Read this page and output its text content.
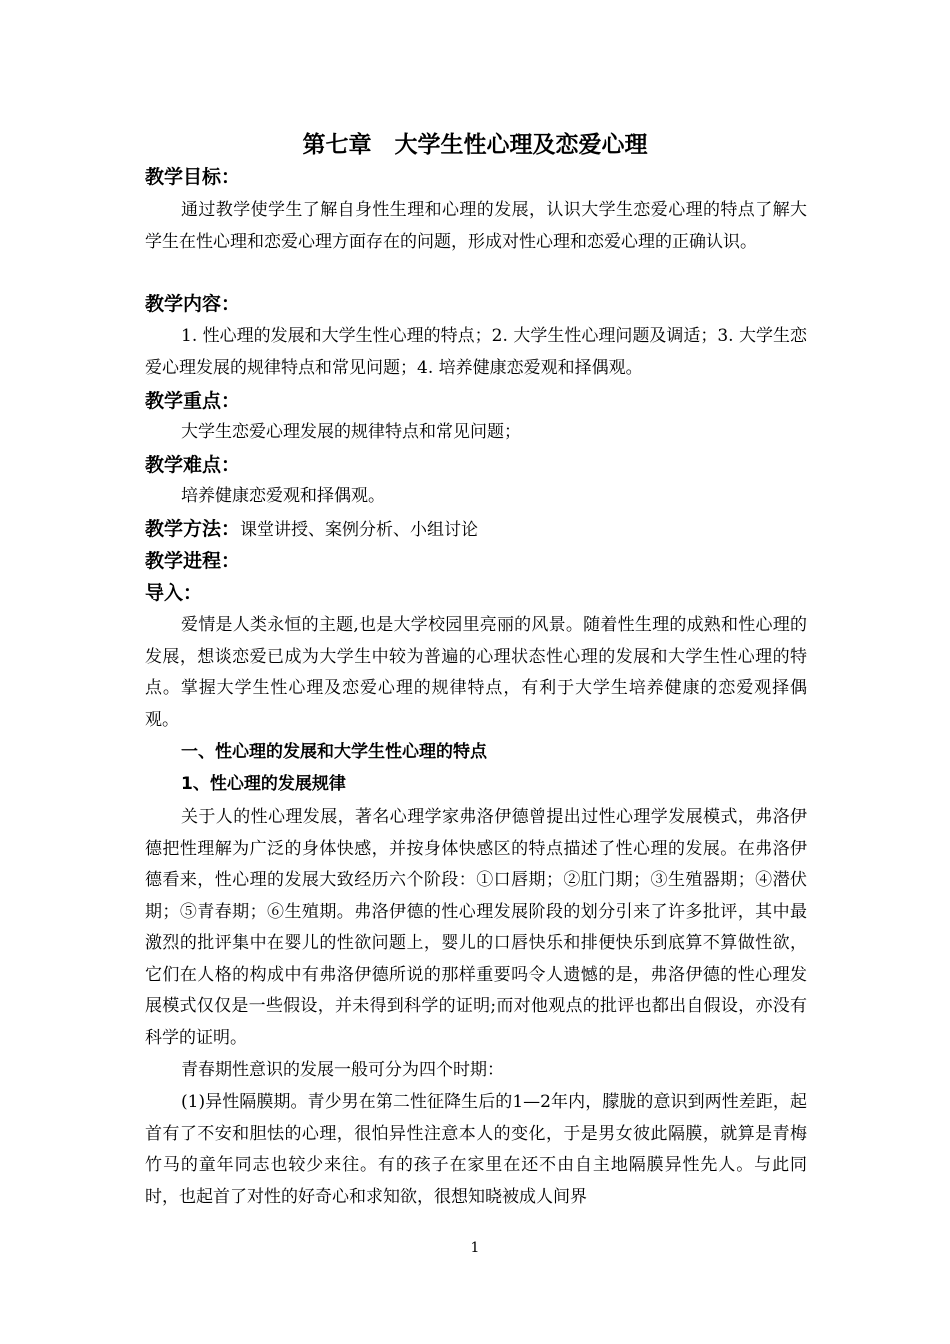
第七章　大学生性心理及恋爱心理
教学目标：
通过教学使学生了解自身性生理和心理的发展，认识大学生恋爱心理的特点了解大学生在性心理和恋爱心理方面存在的问题，形成对性心理和恋爱心理的正确认识。
教学内容：
1. 性心理的发展和大学生性心理的特点；2. 大学生性心理问题及调适；3. 大学生恋爱心理发展的规律特点和常见问题；4. 培养健康恋爱观和择偶观。
教学重点：
大学生恋爱心理发展的规律特点和常见问题；
教学难点：
培养健康恋爱观和择偶观。
教学方法：课堂讲授、案例分析、小组讨论
教学进程：
导入：
爱情是人类永恒的主题,也是大学校园里亮丽的风景。随着性生理的成熟和性心理的发展，想谈恋爱已成为大学生中较为普遍的心理状态性心理的发展和大学生性心理的特点。掌握大学生性心理及恋爱心理的规律特点，有利于大学生培养健康的恋爱观择偶观。
一、性心理的发展和大学生性心理的特点
1、性心理的发展规律
关于人的性心理发展，著名心理学家弗洛伊德曾提出过性心理学发展模式，弗洛伊德把性理解为广泛的身体快感，并按身体快感区的特点描述了性心理的发展。在弗洛伊德看来，性心理的发展大致经历六个阶段：①口唇期；②肛门期；③生殖器期；④潜伏期；⑤青春期；⑥生殖期。弗洛伊德的性心理发展阶段的划分引来了许多批评，其中最激烈的批评集中在婴儿的性欲问题上，婴儿的口唇快乐和排便快乐到底算不算做性欲，它们在人格的构成中有弗洛伊德所说的那样重要吗令人遗憾的是，弗洛伊德的性心理发展模式仅仅是一些假设，并未得到科学的证明;而对他观点的批评也都出自假设，亦没有科学的证明。
青春期性意识的发展一般可分为四个时期：
(1)异性隔膜期。青少男在第二性征降生后的1—2年内，朦胧的意识到两性差距，起首有了不安和胆怯的心理，很怕异性注意本人的变化，于是男女彼此隔膜，就算是青梅竹马的童年同志也较少来往。有的孩子在家里在还不由自主地隔膜异性先人。与此同时，也起首了对性的好奇心和求知欲，很想知晓被成人间界
1
